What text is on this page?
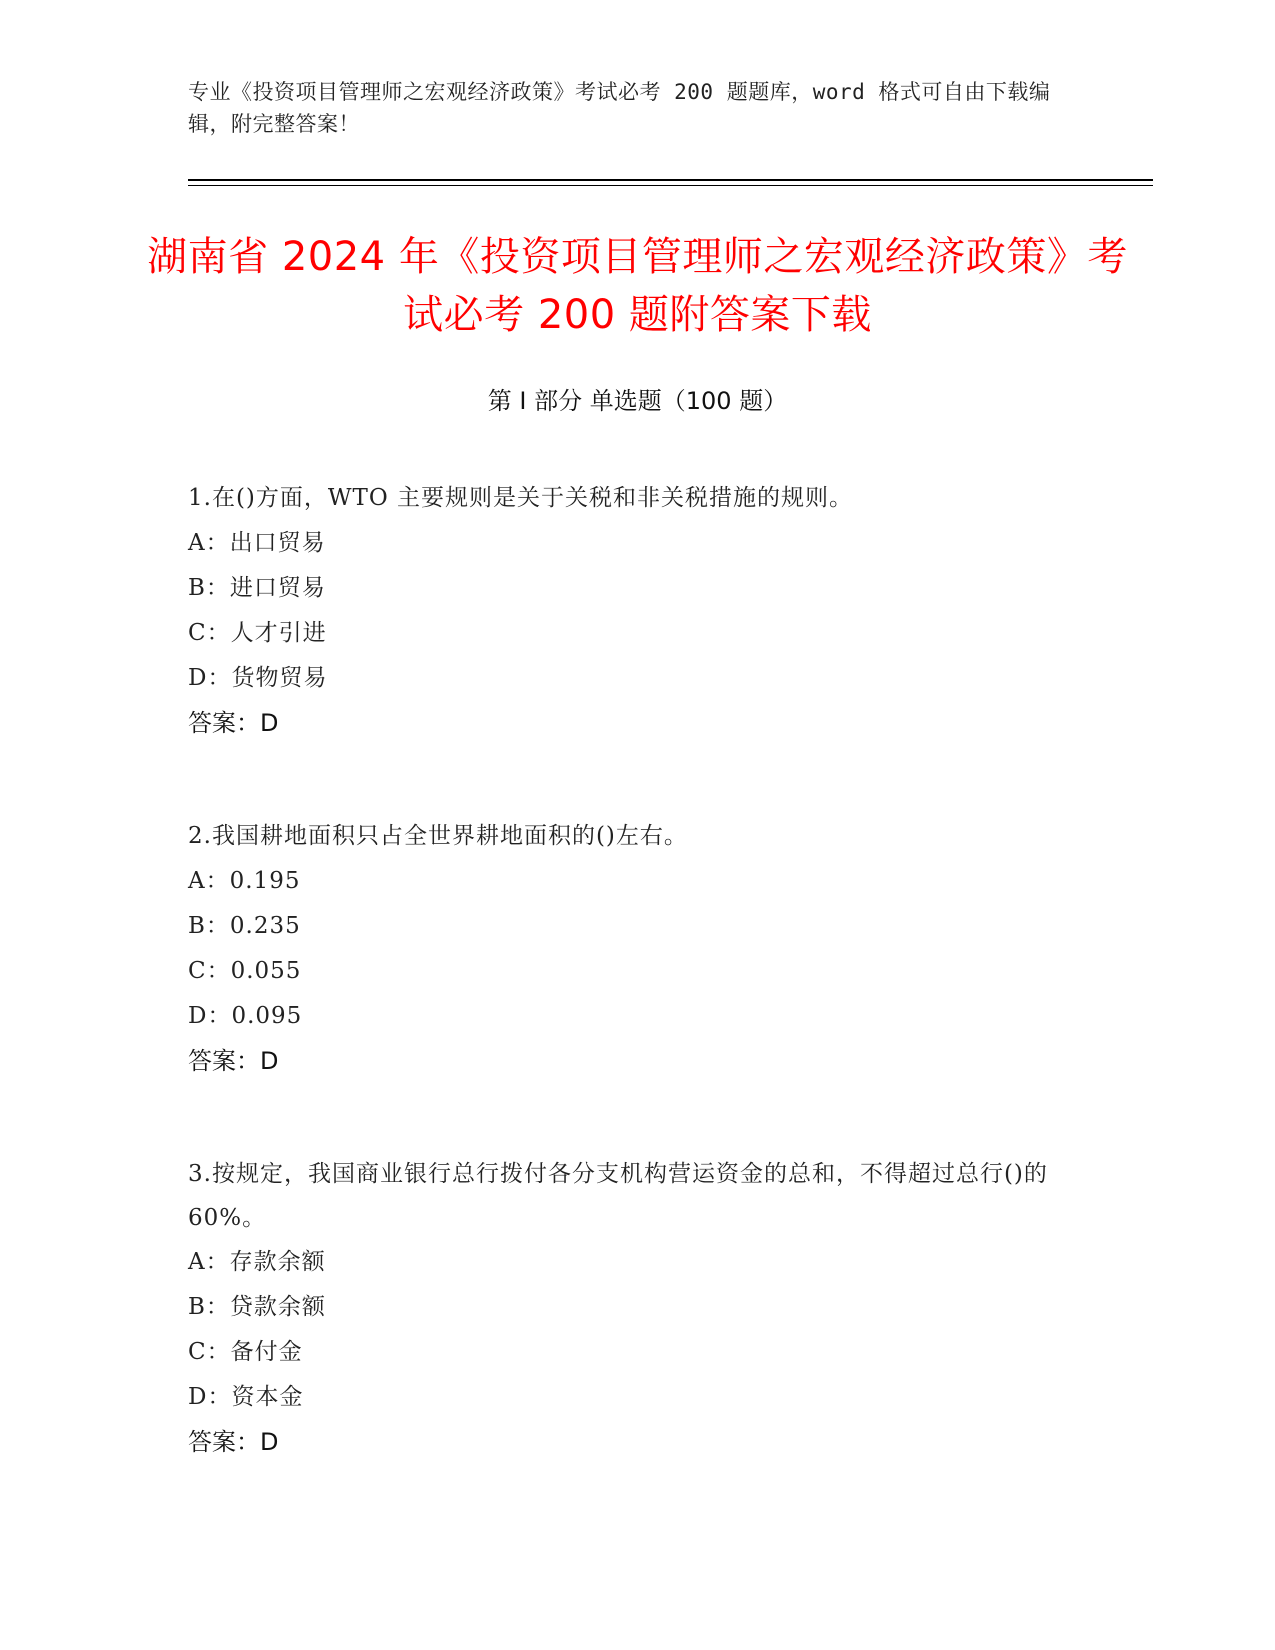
专业《投资项目管理师之宏观经济政策》考试必考 200 题题库，word 格式可自由下载编辑，附完整答案！
湖南省 2024 年《投资项目管理师之宏观经济政策》考试必考 200 题附答案下载
第 I 部分 单选题（100 题）
1.在()方面，WTO 主要规则是关于关税和非关税措施的规则。
A：出口贸易
B：进口贸易
C：人才引进
D：货物贸易
答案：D
2.我国耕地面积只占全世界耕地面积的()左右。
A：0.195
B：0.235
C：0.055
D：0.095
答案：D
3.按规定，我国商业银行总行拨付各分支机构营运资金的总和，不得超过总行()的 60%。
A：存款余额
B：贷款余额
C：备付金
D：资本金
答案：D
